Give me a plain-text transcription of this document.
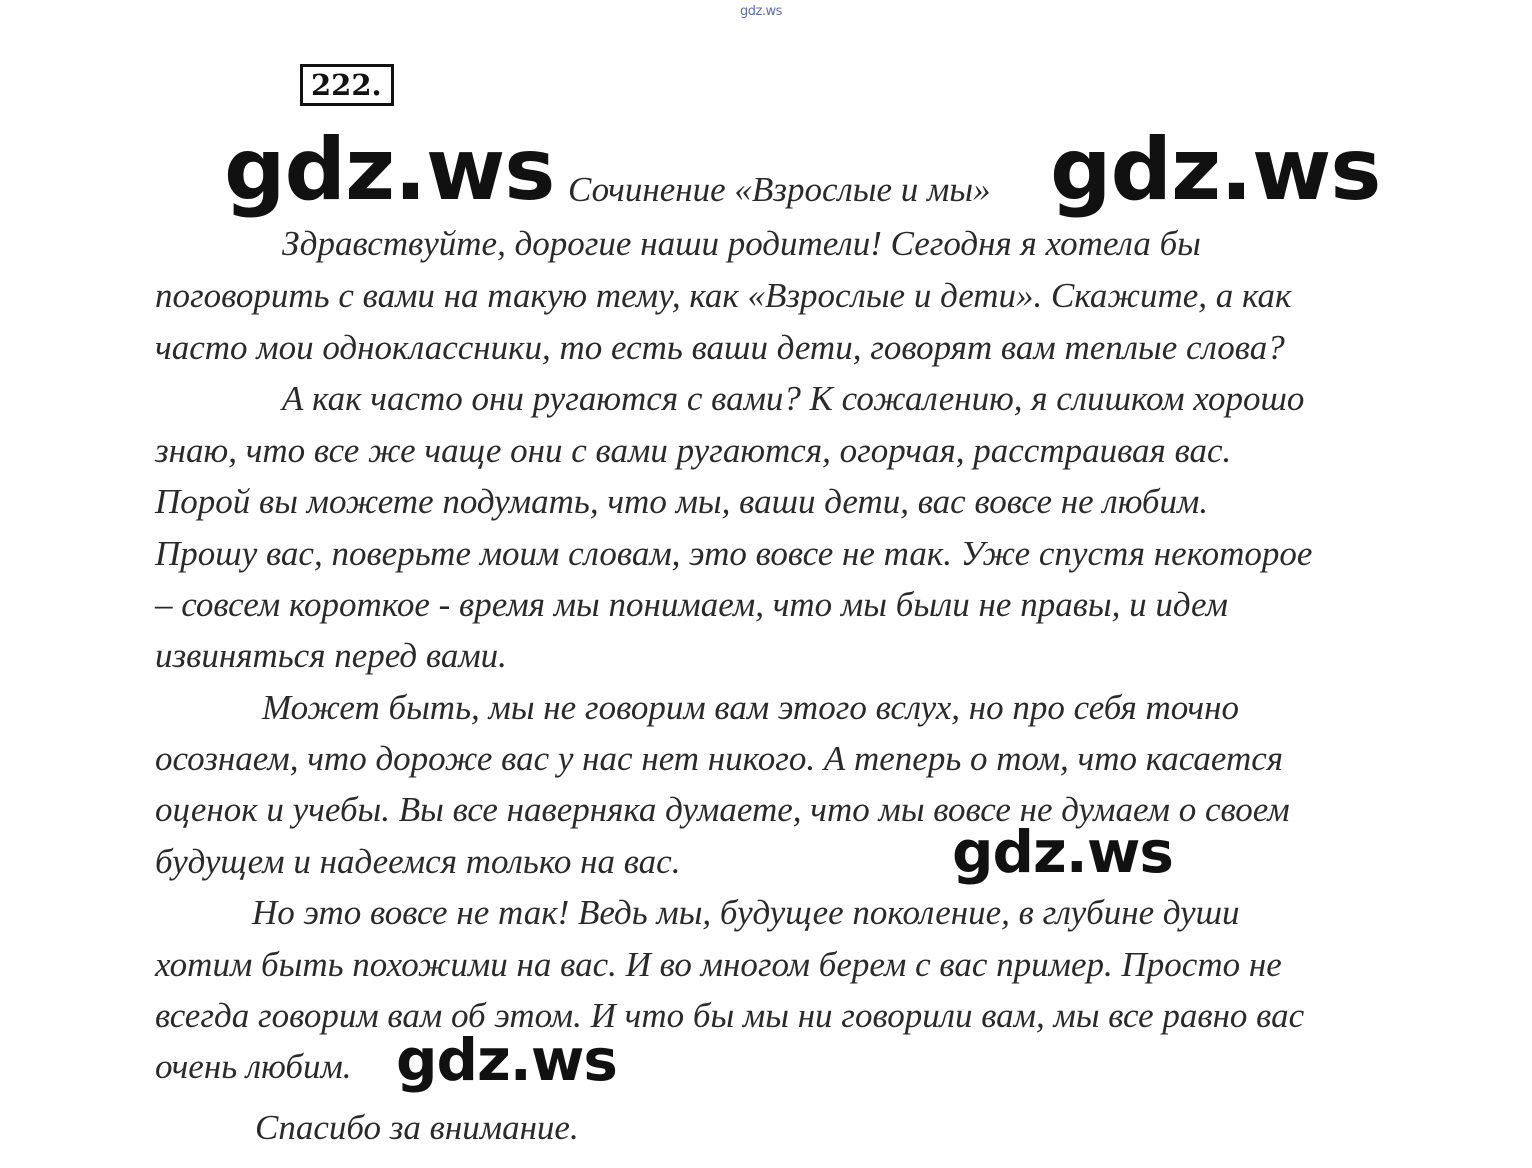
gdz.ws
222.
gdz.ws Сочинение «Взрослые и мы» gdz.ws
Здравствуйте, дорогие наши родители! Сегодня я хотела бы
поговорить с вами на такую тему, как «Взрослые и дети». Скажите, а как
часто мои одноклассники, то есть ваши дети, говорят вам теплые слова?
А как часто они ругаются с вами? К сожалению, я слишком хорошо
знаю, что все же чаще они с вами ругаются, огорчая, расстраивая вас.
Порой вы можете подумать, что мы, ваши дети, вас вовсе не любим.
Прошу вас, поверьте моим словам, это вовсе не так. Уже спустя некоторое
– совсем короткое - время мы понимаем, что мы были не правы, и идем
извиняться перед вами.
Может быть, мы не говорим вам этого вслух, но про себя точно
осознаем, что дороже вас у нас нет никого. А теперь о том, что касается
оценок и учебы. Вы все наверняка думаете, что мы вовсе не думаем о своем
будущем и надеемся только на вас.	gdz.ws
Но это вовсе не так! Ведь мы, будущее поколение, в глубине души
хотим быть похожими на вас. И во многом берем с вас пример. Просто не
всегда говорим вам об этом. И что бы мы ни говорили вам, мы все равно вас
очень любим. gdz.ws
Спасибо за внимание.
